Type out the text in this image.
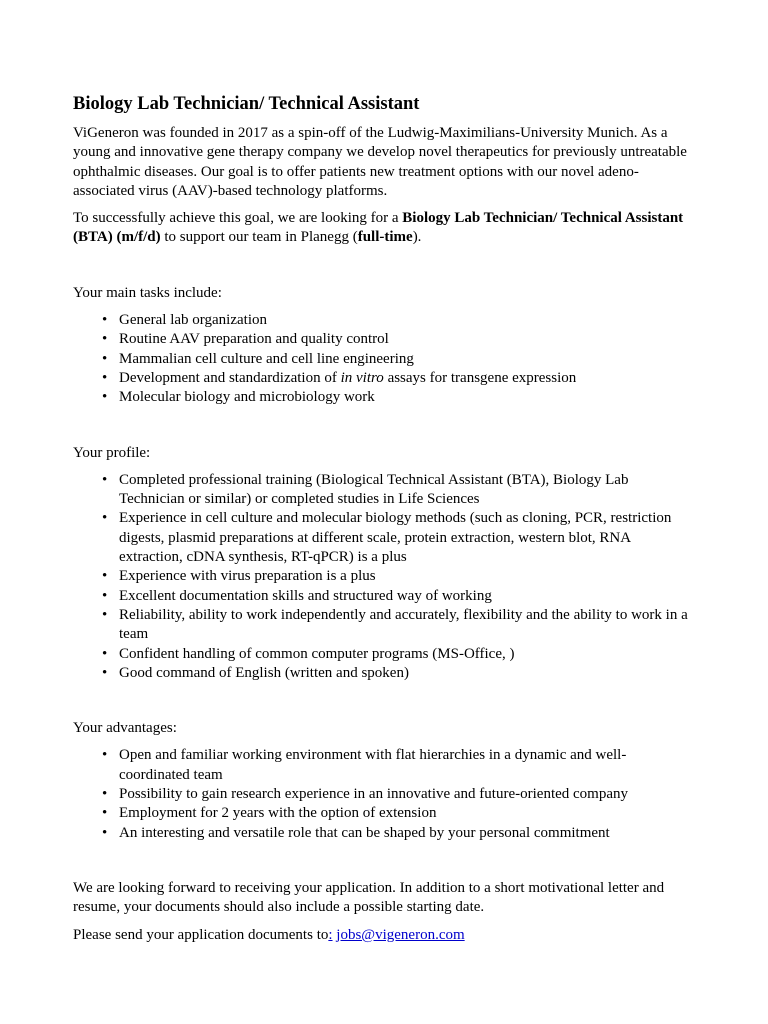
Biology Lab Technician/ Technical Assistant

ViGeneron was founded in 2017 as a spin-off of the Ludwig-Maximilians-University Munich. As a young and innovative gene therapy company we develop novel therapeutics for previously untreatable ophthalmic diseases. Our goal is to offer patients new treatment options with our novel adeno-associated virus (AAV)-based technology platforms.

To successfully achieve this goal, we are looking for a Biology Lab Technician/ Technical Assistant (BTA) (m/f/d) to support our team in Planegg (full-time).

Your main tasks include:

• General lab organization
• Routine AAV preparation and quality control
• Mammalian cell culture and cell line engineering
• Development and standardization of in vitro assays for transgene expression
• Molecular biology and microbiology work

Your profile:

• Completed professional training (Biological Technical Assistant (BTA), Biology Lab Technician or similar) or completed studies in Life Sciences
• Experience in cell culture and molecular biology methods (such as cloning, PCR, restriction digests, plasmid preparations at different scale, protein extraction, western blot, RNA extraction, cDNA synthesis, RT-qPCR) is a plus
• Experience with virus preparation is a plus
• Excellent documentation skills and structured way of working
• Reliability, ability to work independently and accurately, flexibility and the ability to work in a team
• Confident handling of common computer programs (MS-Office, )
• Good command of English (written and spoken)

Your advantages:

• Open and familiar working environment with flat hierarchies in a dynamic and well-coordinated team
• Possibility to gain research experience in an innovative and future-oriented company
• Employment for 2 years with the option of extension
• An interesting and versatile role that can be shaped by your personal commitment

We are looking forward to receiving your application. In addition to a short motivational letter and resume, your documents should also include a possible starting date.

Please send your application documents to: jobs@vigeneron.com
